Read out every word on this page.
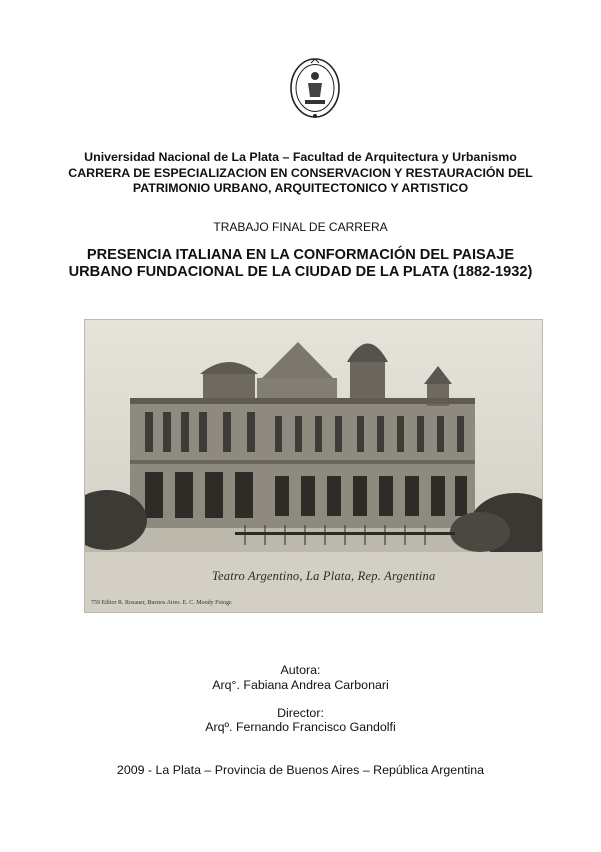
Universidad Nacional de La Plata – Facultad de Arquitectura y Urbanismo
CARRERA DE ESPECIALIZACION EN CONSERVACION Y RESTAURACIÓN DEL
PATRIMONIO URBANO, ARQUITECTONICO Y ARTISTICO
TRABAJO FINAL DE CARRERA
PRESENCIA ITALIANA EN LA CONFORMACIÓN DEL PAISAJE
URBANO FUNDACIONAL DE LA CIUDAD DE LA PLATA (1882-1932)
Teatro Argentino, La Plata, Rep. Argentina
759 Editor R. Rosauer, Buenos Aires. E. C. Moody Fotogr.
Autora:
Arq°. Fabiana Andrea Carbonari
Director:
Arqº. Fernando Francisco Gandolfi
2009 - La Plata – Provincia de Buenos Aires – República Argentina
